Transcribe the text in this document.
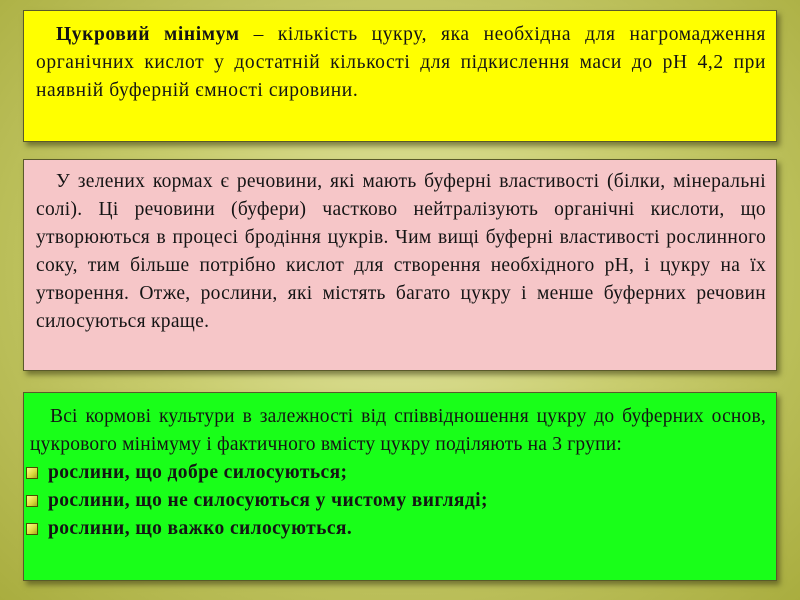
Цукровий мінімум – кількість цукру, яка необхідна для нагромадження органічних кислот у достатній кількості для підкислення маси до рН 4,2 при наявній буферній ємності сировини.

У зелених кормах є речовини, які мають буферні властивості (білки, мінеральні солі). Ці речовини (буфери) частково нейтралізують органічні кислоти, що утворюються в процесі бродіння цукрів. Чим вищі буферні властивості рослинного соку, тим більше потрібно кислот для створення необхідного рН, і цукру на їх утворення. Отже, рослини, які містять багато цукру і менше буферних речовин силосуються краще.

Всі кормові культури в залежності від співвідношення цукру до буферних основ, цукрового мінімуму і фактичного вмісту цукру поділяють на 3 групи:

рослини, що добре силосуються;
рослини, що не силосуються у чистому вигляді;
рослини, що важко силосуються.
